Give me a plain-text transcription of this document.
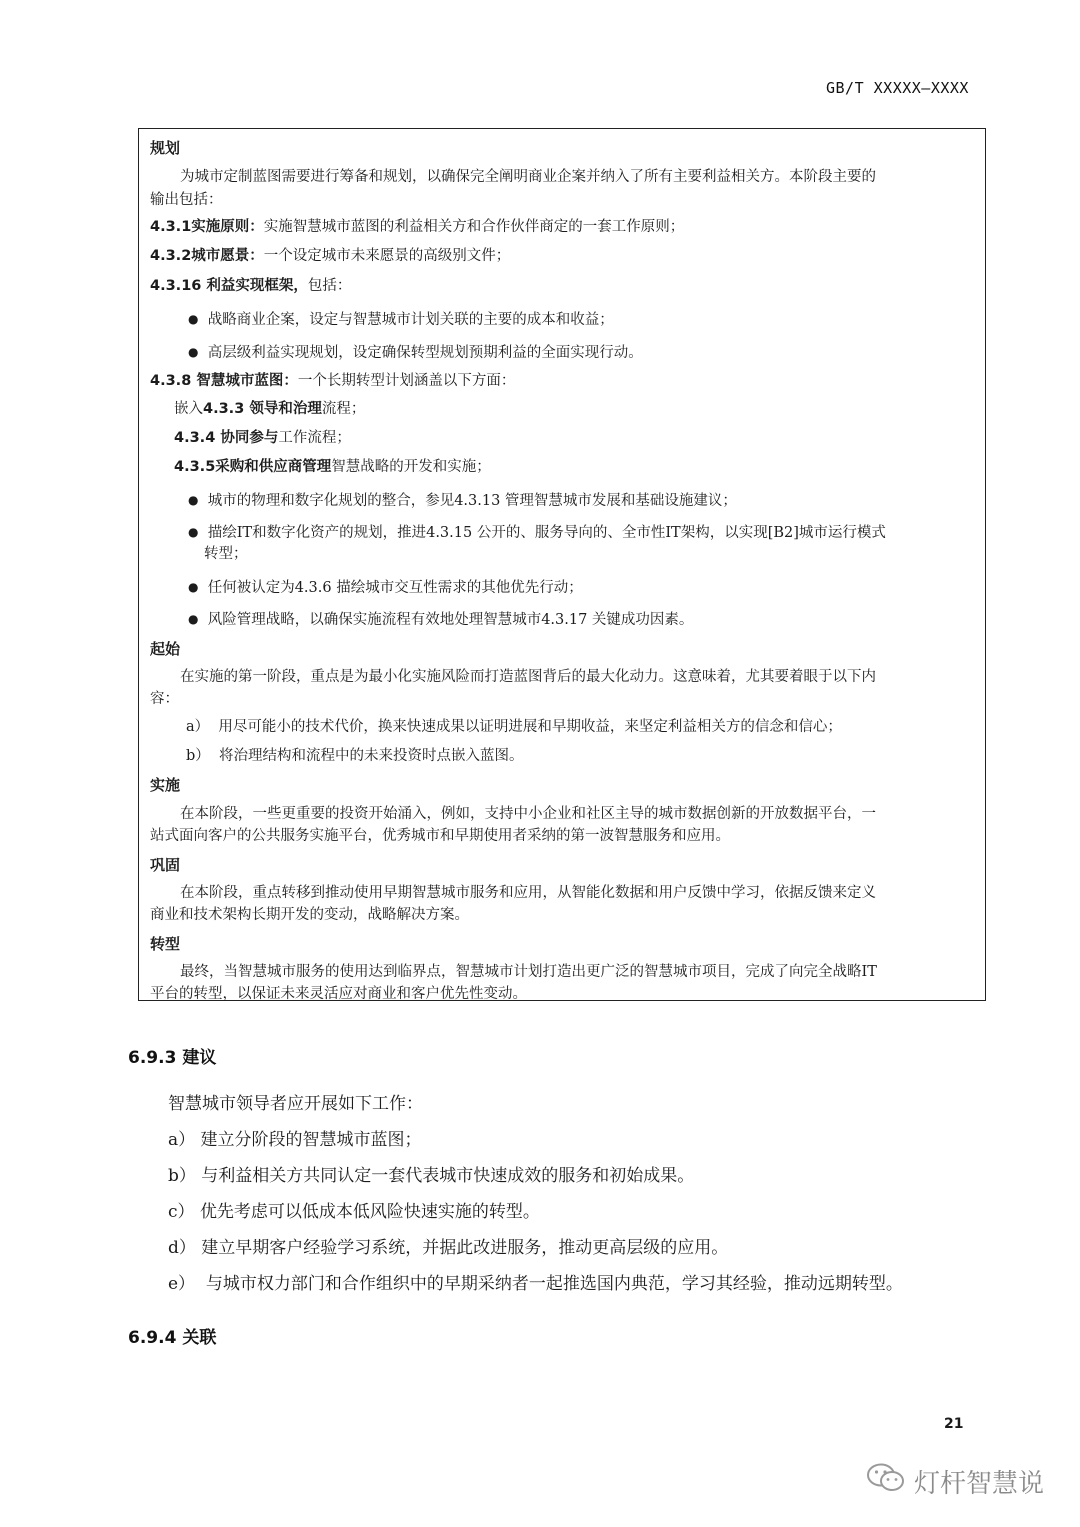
GB/T XXXXX—XXXX
规划
为城市定制蓝图需要进行筹备和规划，以确保完全阐明商业企案并纳入了所有主要利益相关方。本阶段主要的
输出包括：
4.3.1实施原则：实施智慧城市蓝图的利益相关方和合作伙伴商定的一套工作原则；
4.3.2城市愿景：一个设定城市未来愿景的高级别文件；
4.3.16 利益实现框架，包括：
● 战略商业企案，设定与智慧城市计划关联的主要的成本和收益；
● 高层级利益实现规划，设定确保转型规划预期利益的全面实现行动。
4.3.8 智慧城市蓝图：一个长期转型计划涵盖以下方面：
嵌入4.3.3 领导和治理流程；
4.3.4 协同参与工作流程；
4.3.5采购和供应商管理智慧战略的开发和实施；
● 城市的物理和数字化规划的整合，参见4.3.13 管理智慧城市发展和基础设施建议；
● 描绘IT和数字化资产的规划，推进4.3.15 公开的、服务导向的、全市性IT架构，以实现[B2]城市运行模式
转型；
● 任何被认定为4.3.6 描绘城市交互性需求的其他优先行动；
● 风险管理战略，以确保实施流程有效地处理智慧城市4.3.17 关键成功因素。
起始
在实施的第一阶段，重点是为最小化实施风险而打造蓝图背后的最大化动力。这意味着，尤其要着眼于以下内
容：
a） 用尽可能小的技术代价，换来快速成果以证明进展和早期收益，来坚定利益相关方的信念和信心；
b） 将治理结构和流程中的未来投资时点嵌入蓝图。
实施
在本阶段，一些更重要的投资开始涌入，例如，支持中小企业和社区主导的城市数据创新的开放数据平台，一
站式面向客户的公共服务实施平台，优秀城市和早期使用者采纳的第一波智慧服务和应用。
巩固
在本阶段，重点转移到推动使用早期智慧城市服务和应用，从智能化数据和用户反馈中学习，依据反馈来定义
商业和技术架构长期开发的变动，战略解决方案。
转型
最终，当智慧城市服务的使用达到临界点，智慧城市计划打造出更广泛的智慧城市项目，完成了向完全战略IT
平台的转型，以保证未来灵活应对商业和客户优先性变动。
6.9.3 建议
智慧城市领导者应开展如下工作：
a） 建立分阶段的智慧城市蓝图；
b） 与利益相关方共同认定一套代表城市快速成效的服务和初始成果。
c） 优先考虑可以低成本低风险快速实施的转型。
d） 建立早期客户经验学习系统，并据此改进服务，推动更高层级的应用。
e） 与城市权力部门和合作组织中的早期采纳者一起推选国内典范，学习其经验，推动远期转型。
6.9.4 关联
21
灯杆智慧说
